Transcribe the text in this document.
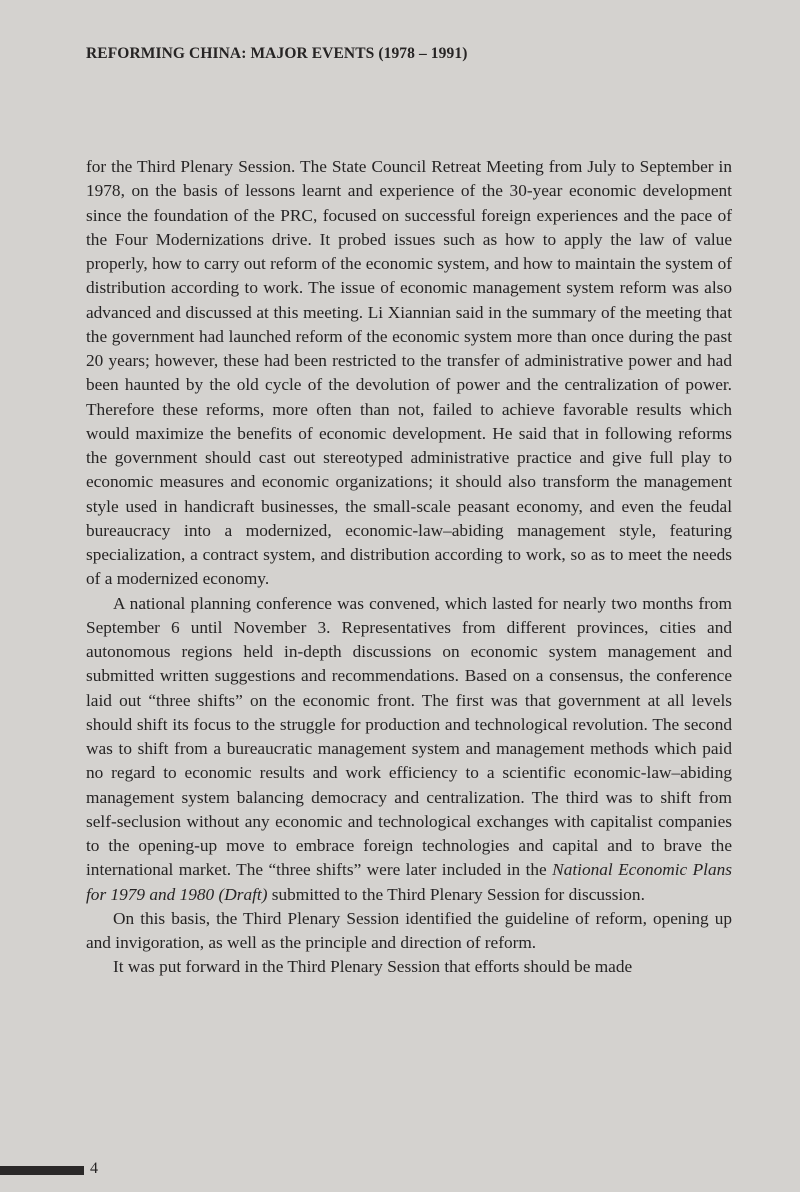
REFORMING CHINA: MAJOR EVENTS (1978 – 1991)

for the Third Plenary Session. The State Council Retreat Meeting from July to September in 1978, on the basis of lessons learnt and experience of the 30-year economic development since the foundation of the PRC, focused on successful foreign experiences and the pace of the Four Modernizations drive. It probed issues such as how to apply the law of value properly, how to carry out reform of the economic system, and how to maintain the system of distribution according to work. The issue of economic management system reform was also advanced and discussed at this meeting. Li Xiannian said in the summary of the meeting that the government had launched reform of the economic system more than once during the past 20 years; however, these had been restricted to the transfer of administrative power and had been haunted by the old cycle of the devolution of power and the centralization of power. Therefore these reforms, more often than not, failed to achieve favorable results which would maximize the benefits of economic development. He said that in following reforms the government should cast out stereotyped administrative practice and give full play to economic measures and economic organizations; it should also transform the management style used in handicraft businesses, the small-scale peasant economy, and even the feudal bureaucracy into a modernized, economic-law–abiding management style, featuring specialization, a contract system, and distribution according to work, so as to meet the needs of a modernized economy.

A national planning conference was convened, which lasted for nearly two months from September 6 until November 3. Representatives from different provinces, cities and autonomous regions held in-depth discussions on economic system management and submitted written suggestions and recommendations. Based on a consensus, the conference laid out “three shifts” on the economic front. The first was that government at all levels should shift its focus to the struggle for production and technological revolution. The second was to shift from a bureaucratic management system and management methods which paid no regard to economic results and work efficiency to a scientific economic-law–abiding management system balancing democracy and centralization. The third was to shift from self-seclusion without any economic and technological exchanges with capitalist companies to the opening-up move to embrace foreign technologies and capital and to brave the international market. The “three shifts” were later included in the National Economic Plans for 1979 and 1980 (Draft) submitted to the Third Plenary Session for discussion.

On this basis, the Third Plenary Session identified the guideline of reform, opening up and invigoration, as well as the principle and direction of reform.

It was put forward in the Third Plenary Session that efforts should be made

4
